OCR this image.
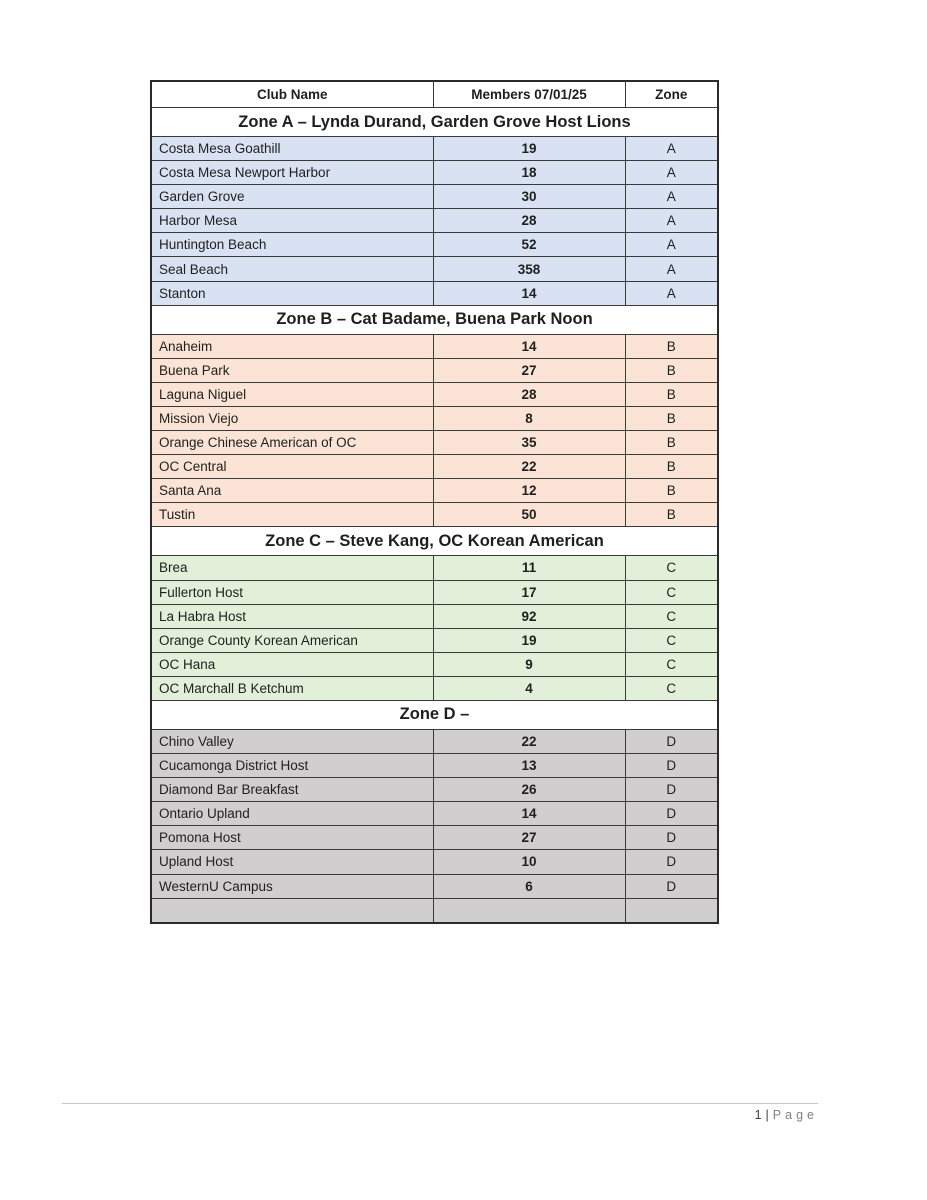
Club Name	Members 07/01/25	Zone
Zone A – Lynda Durand, Garden Grove Host Lions		
Costa Mesa Goathill	19	A
Costa Mesa Newport Harbor	18	A
Garden Grove	30	A
Harbor Mesa	28	A
Huntington Beach	52	A
Seal Beach	358	A
Stanton	14	A
Zone B – Cat Badame, Buena Park Noon		
Anaheim	14	B
Buena Park	27	B
Laguna Niguel	28	B
Mission Viejo	8	B
Orange Chinese American of OC	35	B
OC Central	22	B
Santa Ana	12	B
Tustin	50	B
Zone C – Steve Kang, OC Korean American		
Brea	11	C
Fullerton Host	17	C
La Habra Host	92	C
Orange County Korean American	19	C
OC Hana	9	C
OC Marchall B Ketchum	4	C
Zone D –		
Chino Valley	22	D
Cucamonga District Host	13	D
Diamond Bar Breakfast	26	D
Ontario Upland	14	D
Pomona Host	27	D
Upland Host	10	D
WesternU Campus	6	D

1 | Page
